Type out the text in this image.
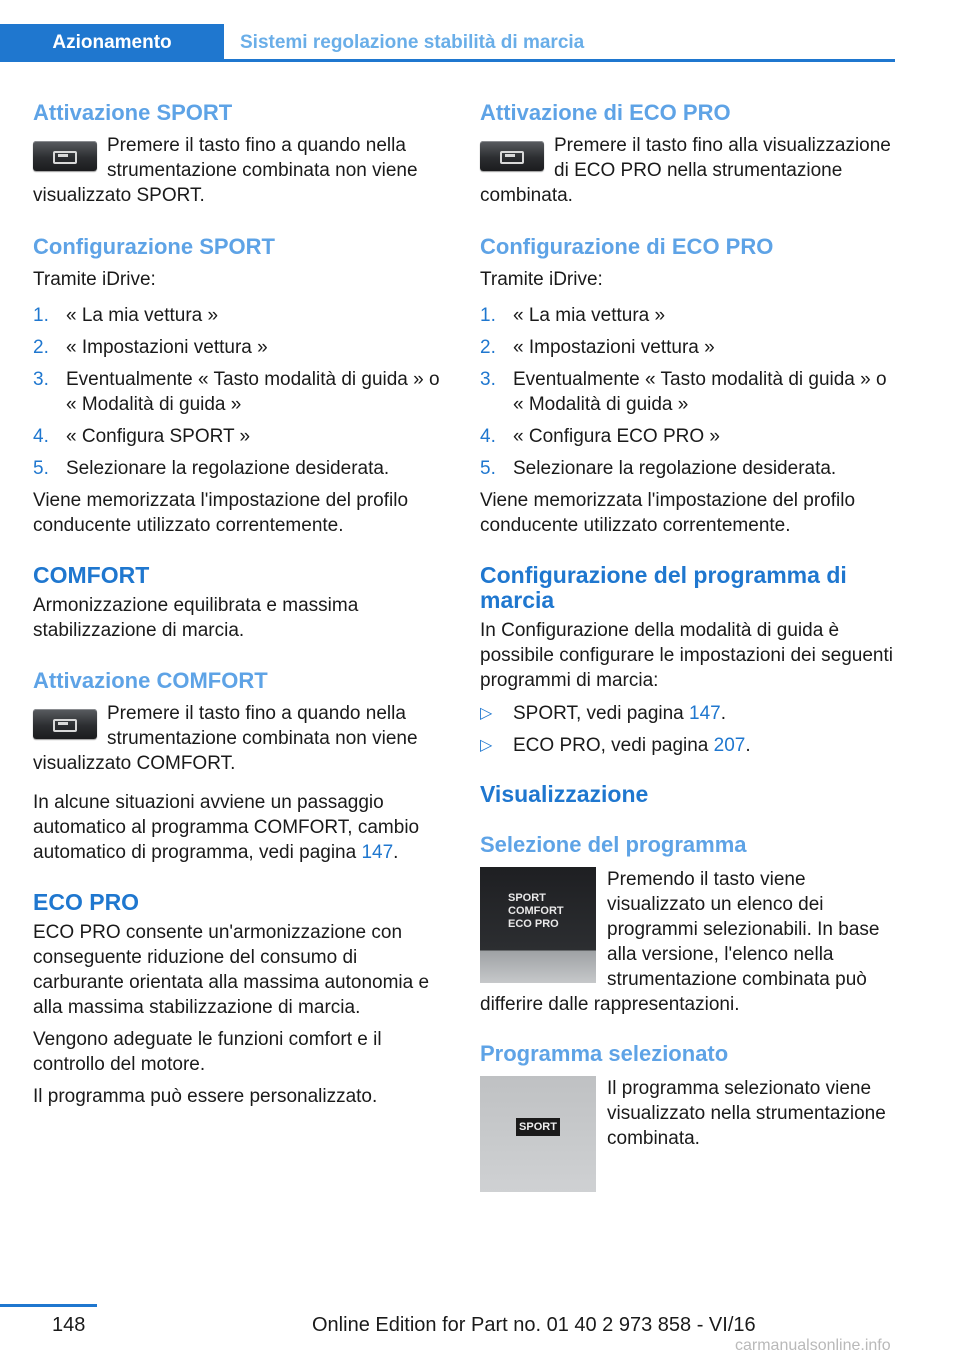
Azionamento	Sistemi regolazione stabilità di marcia
Attivazione SPORT

Premere il tasto fino a quando nella strumentazione combinata non viene visualizzato SPORT.

Configurazione SPORT

Tramite iDrive:

1. « La mia vettura »
2. « Impostazioni vettura »
3. Eventualmente « Tasto modalità di guida » o « Modalità di guida »
4. « Configura SPORT »
5. Selezionare la regolazione desiderata.

Viene memorizzata l'impostazione del profilo conducente utilizzato correntemente.

COMFORT

Armonizzazione equilibrata e massima stabilizzazione di marcia.

Attivazione COMFORT

Premere il tasto fino a quando nella strumentazione combinata non viene visualizzato COMFORT.

In alcune situazioni avviene un passaggio automatico al programma COMFORT, cambio automatico di programma, vedi pagina 147.

ECO PRO

ECO PRO consente un'armonizzazione con conseguente riduzione del consumo di carburante orientata alla massima autonomia e alla massima stabilizzazione di marcia.

Vengono adeguate le funzioni comfort e il controllo del motore.

Il programma può essere personalizzato.

Attivazione di ECO PRO

Premere il tasto fino alla visualizzazione di ECO PRO nella strumentazione combinata.

Configurazione di ECO PRO

Tramite iDrive:

1. « La mia vettura »
2. « Impostazioni vettura »
3. Eventualmente « Tasto modalità di guida » o « Modalità di guida »
4. « Configura ECO PRO »
5. Selezionare la regolazione desiderata.

Viene memorizzata l'impostazione del profilo conducente utilizzato correntemente.

Configurazione del programma di marcia

In Configurazione della modalità di guida è possibile configurare le impostazioni dei seguenti programmi di marcia:

▷ SPORT, vedi pagina 147.
▷ ECO PRO, vedi pagina 207.
Visualizzazione
Selezione del programma
SPORT
COMFORT
ECO PRO

Premendo il tasto viene visualizzato un elenco dei programmi selezionabili. In base alla versione, l'elenco nella strumentazione combinata può differire dalle rappresentazioni.

Programma selezionato
SPORT

Il programma selezionato viene visualizzato nella strumentazione combinata.

148	Online Edition for Part no. 01 40 2 973 858 - VI/16
carmanualsonline.info
